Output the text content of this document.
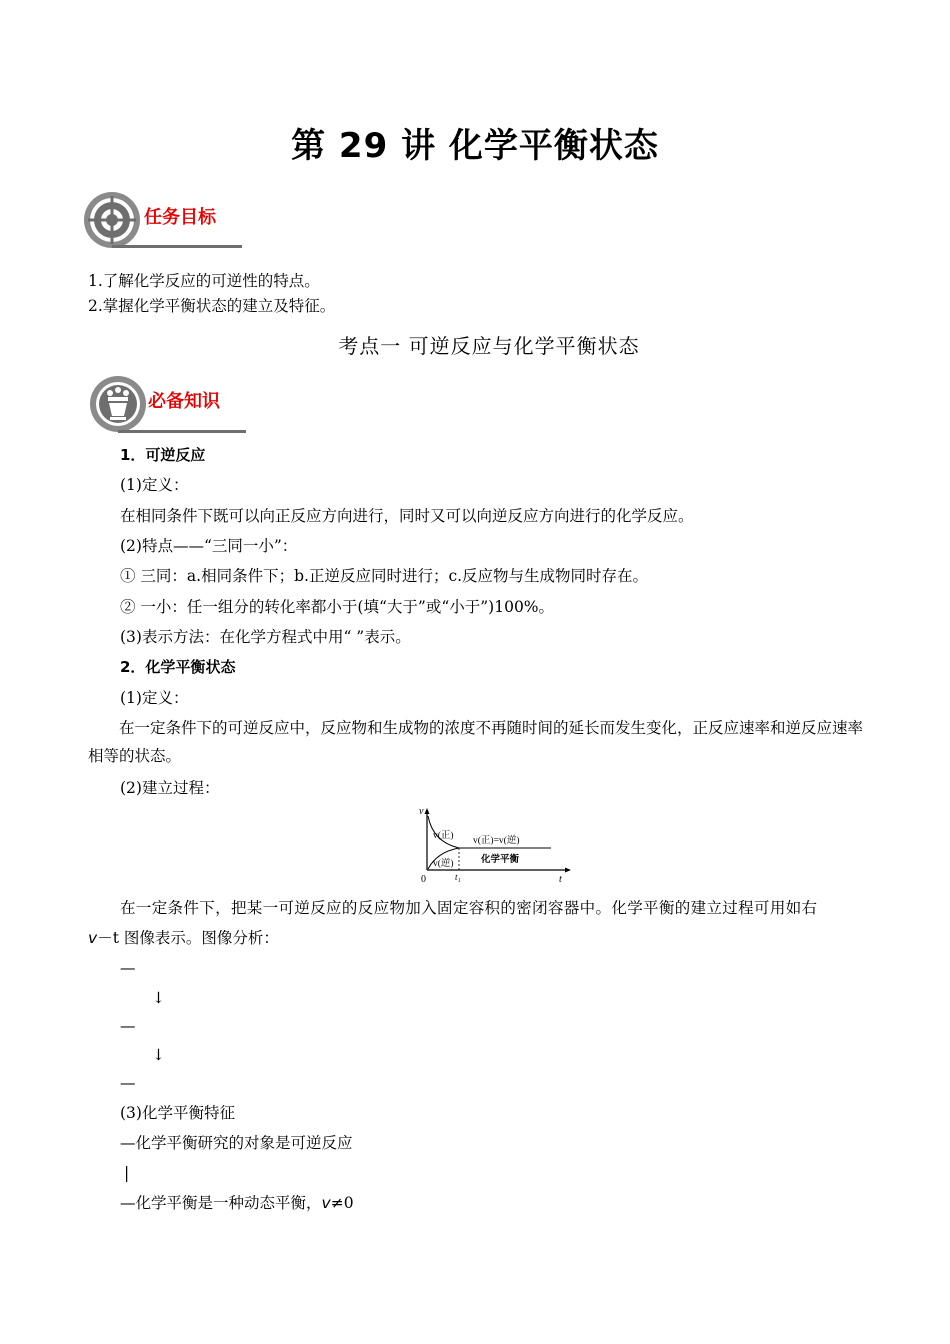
第 29 讲 化学平衡状态
任务目标
1.了解化学反应的可逆性的特点。
2.掌握化学平衡状态的建立及特征。
考点一 可逆反应与化学平衡状态
必备知识
1．可逆反应
(1)定义：
在相同条件下既可以向正反应方向进行，同时又可以向逆反应方向进行的化学反应。
(2)特点——“三同一小”：
① 三同：a.相同条件下；b.正逆反应同时进行；c.反应物与生成物同时存在。
② 一小：任一组分的转化率都小于(填“大于”或“小于”)100%。
(3)表示方法：在化学方程式中用“ ”表示。
2．化学平衡状态
(1)定义：
在一定条件下的可逆反应中，反应物和生成物的浓度不再随时间的延长而发生变化，正反应速率和逆反应速率相等的状态。
(2)建立过程：
v
t
0	t₁
v(正)
v(逆)
v(正)=v(逆)
化学平衡
在一定条件下，把某一可逆反应的反应物加入固定容积的密闭容器中。化学平衡的建立过程可用如右
v－t 图像表示。图像分析：
—
↓
—
↓
—
(3)化学平衡特征
—化学平衡研究的对象是可逆反应
|
—化学平衡是一种动态平衡，v≠0
